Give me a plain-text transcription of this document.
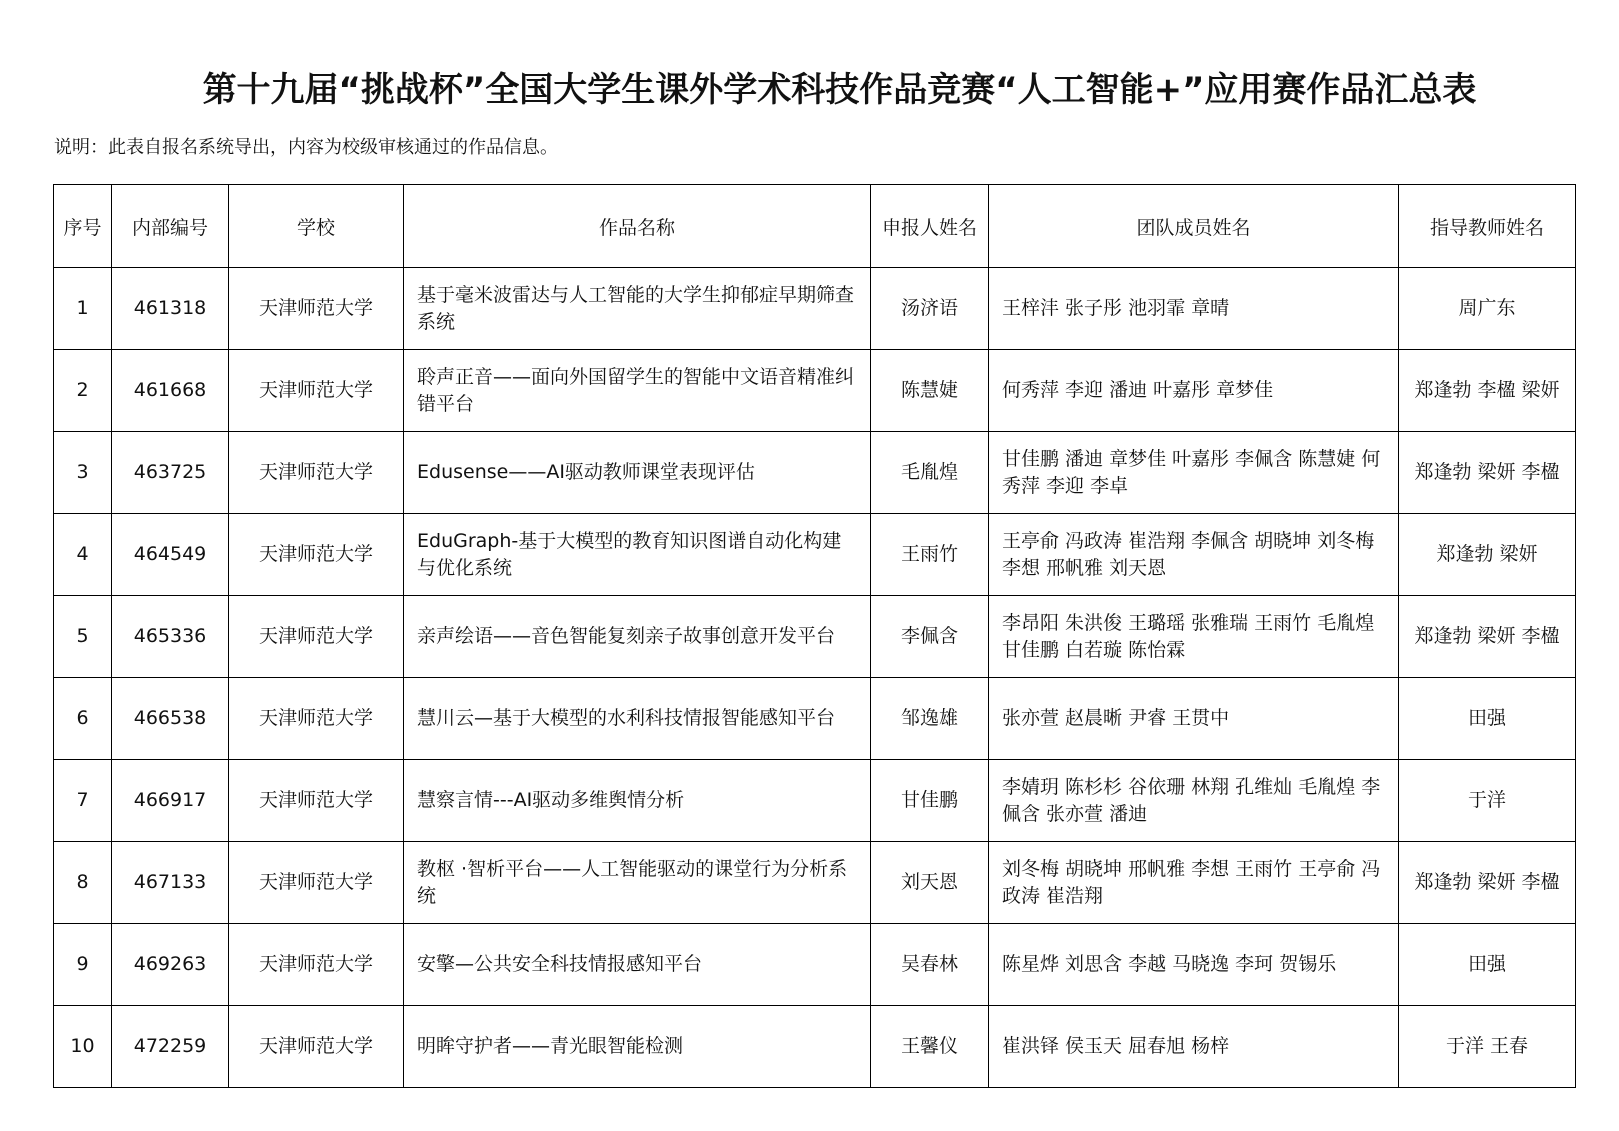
第十九届“挑战杯”全国大学生课外学术科技作品竞赛“人工智能+”应用赛作品汇总表
说明：此表自报名系统导出，内容为校级审核通过的作品信息。
序号	内部编号	学校	作品名称	申报人姓名	团队成员姓名	指导教师姓名
1	461318	天津师范大学	基于毫米波雷达与人工智能的大学生抑郁症早期筛查系统	汤济语	王梓沣 张子彤 池羽霏 章晴	周广东
2	461668	天津师范大学	聆声正音——面向外国留学生的智能中文语音精准纠错平台	陈慧婕	何秀萍 李迎 潘迪 叶嘉彤 章梦佳	郑逢勃 李楹 梁妍
3	463725	天津师范大学	Edusense——AI驱动教师课堂表现评估	毛胤煌	甘佳鹏 潘迪 章梦佳 叶嘉彤 李佩含 陈慧婕 何秀萍 李迎 李卓	郑逢勃 梁妍 李楹
4	464549	天津师范大学	EduGraph-基于大模型的教育知识图谱自动化构建与优化系统	王雨竹	王亭俞 冯政涛 崔浩翔 李佩含 胡晓坤 刘冬梅 李想 邢帆雅 刘天恩	郑逢勃 梁妍
5	465336	天津师范大学	亲声绘语——音色智能复刻亲子故事创意开发平台	李佩含	李昂阳 朱洪俊 王璐瑶 张雅瑞 王雨竹 毛胤煌 甘佳鹏 白若璇 陈怡霖	郑逢勃 梁妍 李楹
6	466538	天津师范大学	慧川云—基于大模型的水利科技情报智能感知平台	邹逸雄	张亦萱 赵晨晰 尹睿 王贯中	田强
7	466917	天津师范大学	慧察言情---AI驱动多维舆情分析	甘佳鹏	李婧玥 陈杉杉 谷依珊 林翔 孔维灿 毛胤煌 李佩含 张亦萱 潘迪	于洋
8	467133	天津师范大学	教枢 ·智析平台——人工智能驱动的课堂行为分析系统	刘天恩	刘冬梅 胡晓坤 邢帆雅 李想 王雨竹 王亭俞 冯政涛 崔浩翔	郑逢勃 梁妍 李楹
9	469263	天津师范大学	安擎—公共安全科技情报感知平台	吴春林	陈星烨 刘思含 李越 马晓逸 李珂 贺锡乐	田强
10	472259	天津师范大学	明眸守护者——青光眼智能检测	王馨仪	崔洪铎 侯玉天 屈春旭 杨梓	于洋 王春
